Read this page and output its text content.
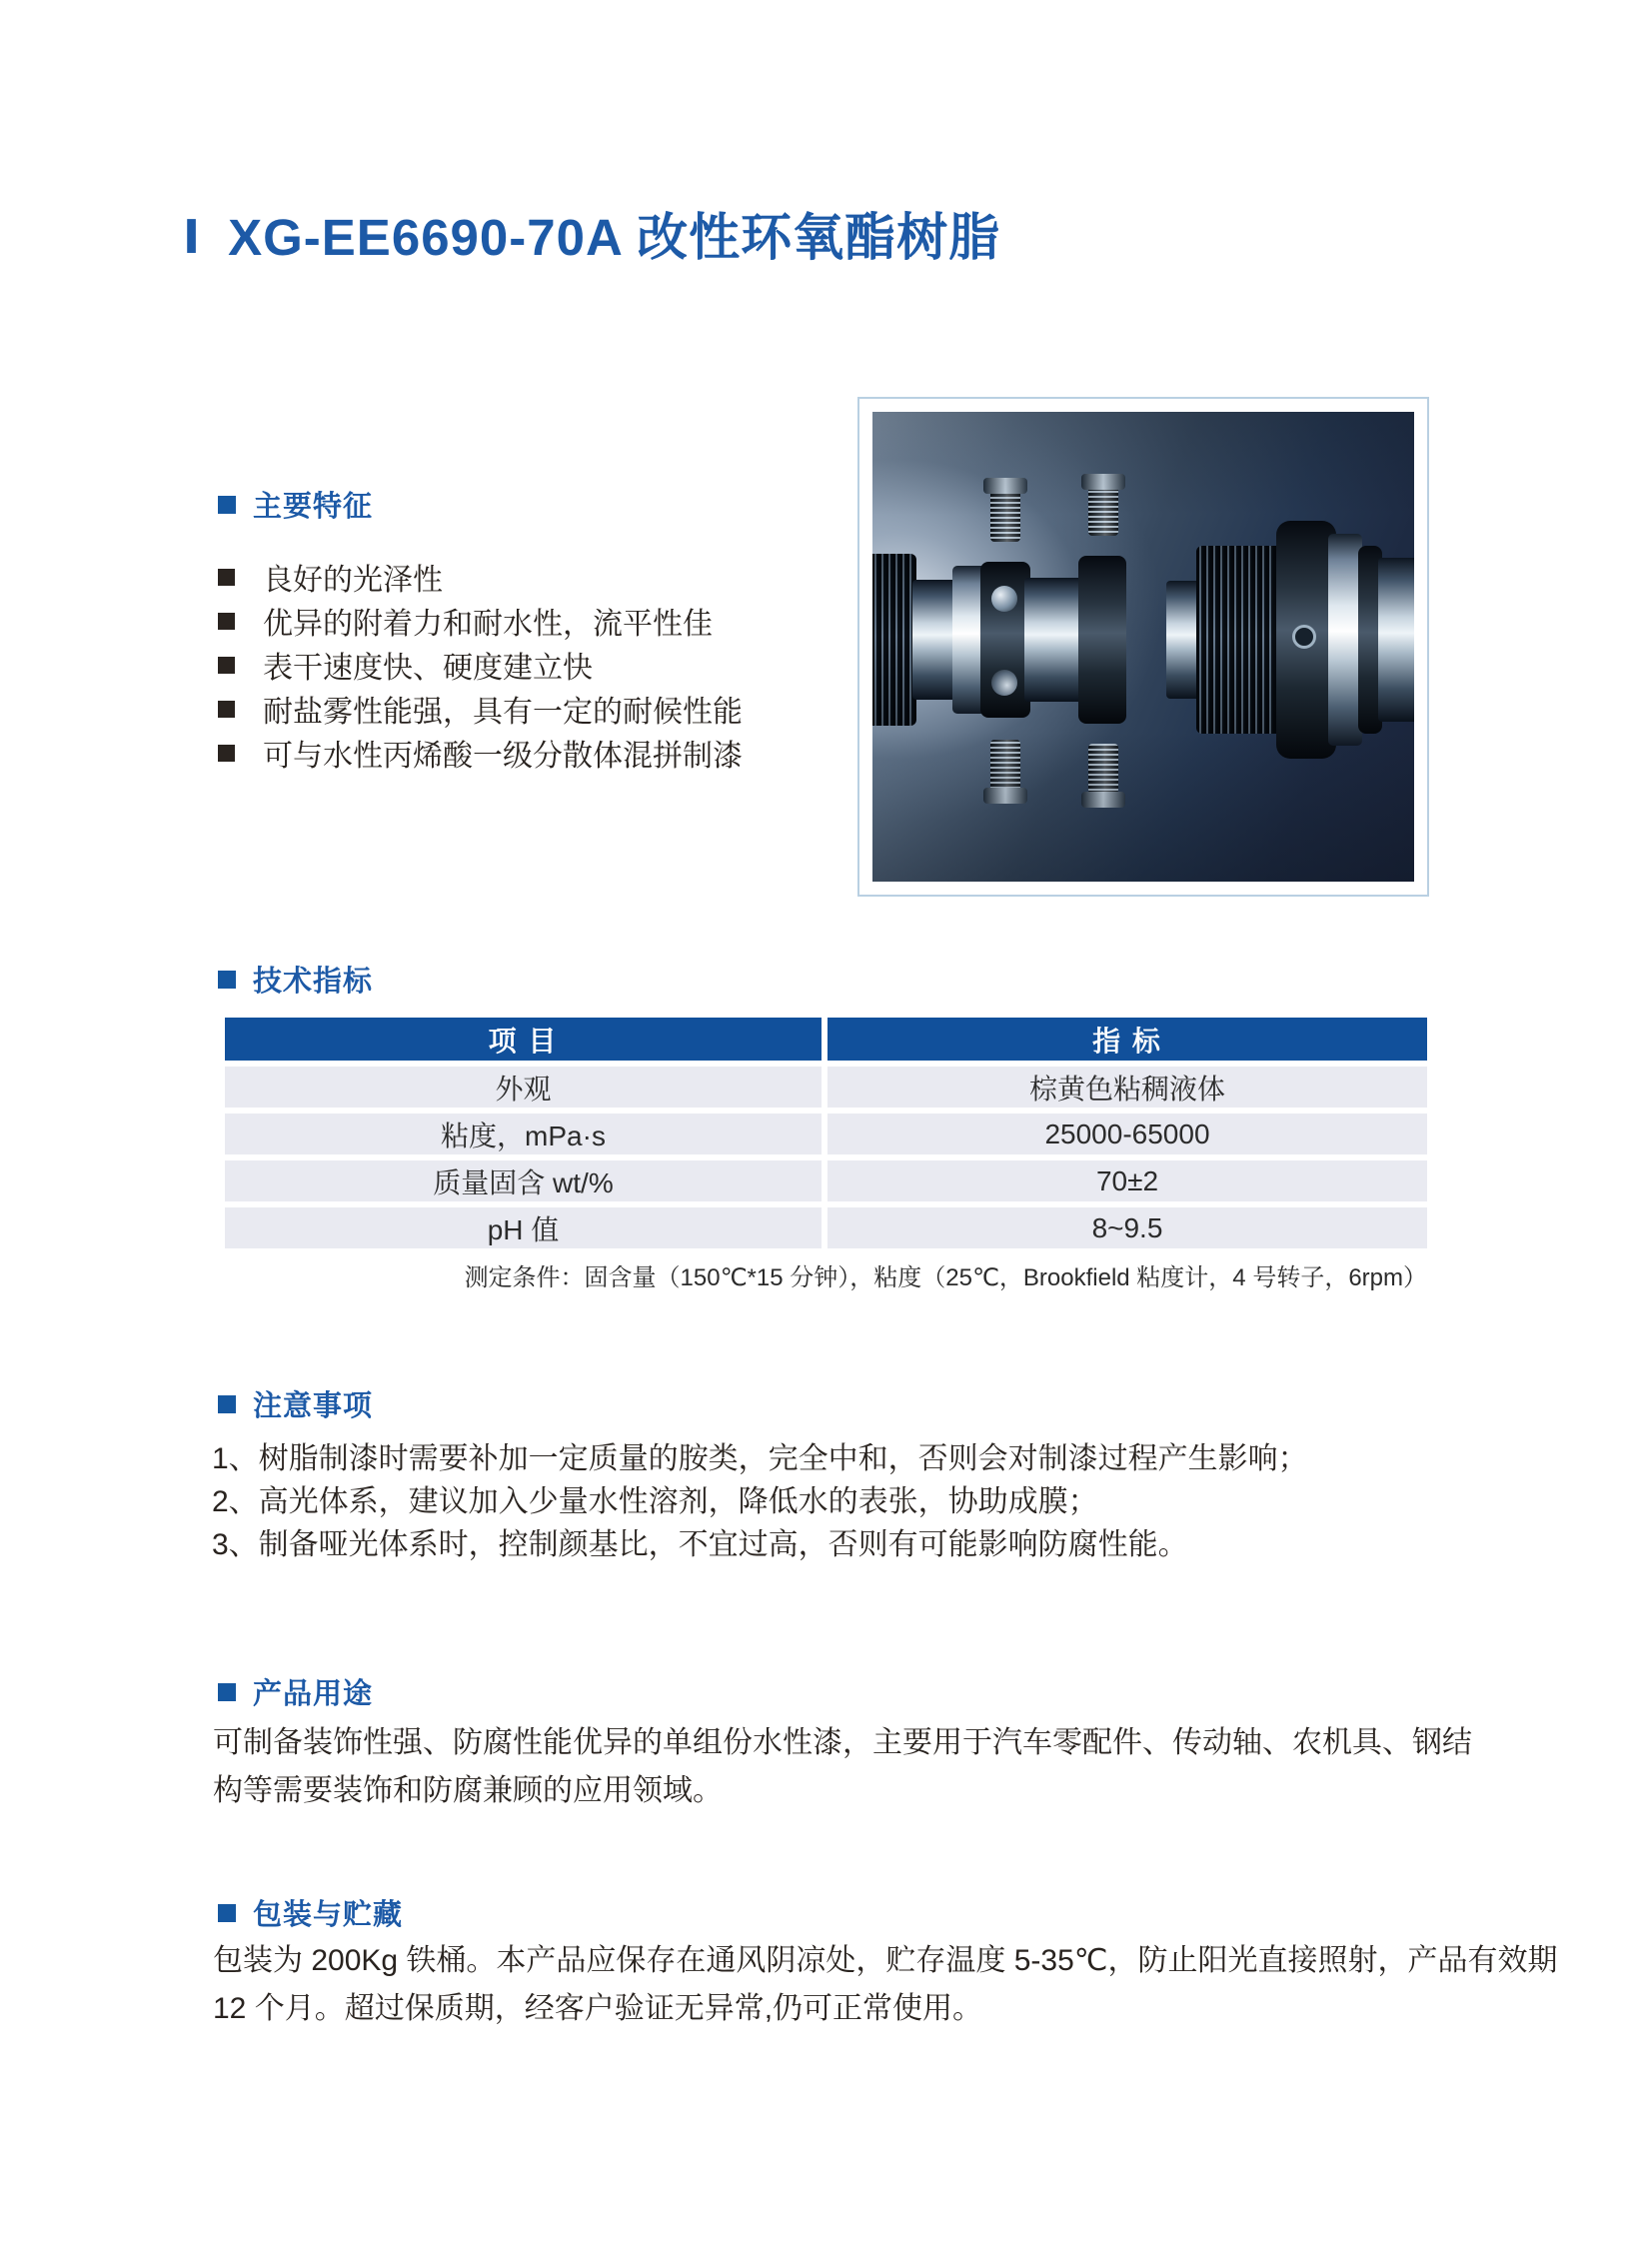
Ⅰ XG-EE6690-70A 改性环氧酯树脂
主要特征
良好的光泽性
优异的附着力和耐水性，流平性佳
表干速度快、硬度建立快
耐盐雾性能强，具有一定的耐候性能
可与水性丙烯酸一级分散体混拼制漆
技术指标
项 目	指 标
外观	棕黄色粘稠液体
粘度，mPa·s	25000-65000
质量固含 wt/%	70±2
pH 值	8~9.5
测定条件：固含量（150℃*15 分钟），粘度（25℃，Brookfield 粘度计，4 号转子，6rpm）
注意事项
1、树脂制漆时需要补加一定质量的胺类，完全中和，否则会对制漆过程产生影响；
2、高光体系，建议加入少量水性溶剂，降低水的表张，协助成膜；
3、制备哑光体系时，控制颜基比，不宜过高，否则有可能影响防腐性能。
产品用途

可制备装饰性强、防腐性能优异的单组份水性漆，主要用于汽车零配件、传动轴、农机具、钢结构等需要装饰和防腐兼顾的应用领域。

包装与贮藏

包装为 200Kg 铁桶。本产品应保存在通风阴凉处，贮存温度 5-35℃，防止阳光直接照射，产品有效期 12 个月。超过保质期，经客户验证无异常,仍可正常使用。
